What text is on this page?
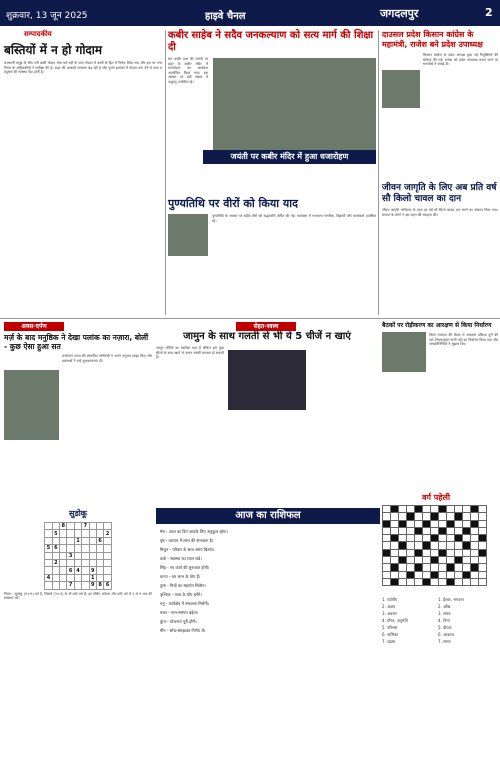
शुक्रवार, 13 जून 2025	हाइवे चैनल	जगदलपुर	2
सम्पादकीय
बस्तियों में न हो गोदाम
राजधानी समुद्र के बीच भरी बस्ती गोदाम ऐसा करें नहीं के पास गोदाम में बस्ती के हित में निर्णय लिया गया और इस पर नगर निगम के अधिकारियों ने समीक्षा की है। शहर की आबादी लगातार बढ़ रही है और पुराने इलाकों में गोदाम बना देने से जाम व प्रदूषण की समस्या पैदा होती है।
कबीर साहेब ने सदैव जनकल्याण को सत्य मार्ग की शिक्षा दी
संत कबीर दास की जयंती पर शहर के कबीर मंदिर में धजारोहण का कार्यक्रम आयोजित किया गया। इस अवसर पर बड़ी संख्या में श्रद्धालु उपस्थित रहे।
जयंती पर कबीर मंदिर में हुआ धजारोहण
पुण्यतिथि पर वीरों को किया याद
पुण्यतिथि के अवसर पर शहीद वीरों को श्रद्धांजलि अर्पित की गई। कार्यक्रम में गणमान्य नागरिक, विद्यार्थी और कार्यकर्ता उपस्थित रहे।
दाउसल प्रदेश किसान कांग्रेस के महामंत्री, राजेश बने प्रदेश उपाध्यक्ष
किसान कांग्रेस के प्रदेश अध्यक्ष द्वारा नई नियुक्तियों की घोषणा की गई। राजेश को प्रदेश उपाध्यक्ष बनाए जाने पर समर्थकों ने बधाई दी।
जीवन जागृति के लिए अब प्रति वर्ष सौ किलो चावल का दान
जीवन जागृति अभियान के तहत हर वर्ष सौ किलो चावल दान करने का संकल्प लिया गया। समाज के लोगों ने इस पहल की सराहना की।
बैठकों पर रोड़ीकरण का आरक्षण से किया निर्धारण
जिला पंचायत की बैठक में आरक्षण प्रक्रिया पूरी की गई। नियमानुसार सभी पदों का निर्धारण किया गया और जनप्रतिनिधियों ने सुझाव दिए।
अवस-दर्पण
मर्ज़ के बाद मनुष्ठिक ने देखा पलांक का नज़ारा, बोलीं - कुछ ऐसा हुआ सत
मनोरंजन जगत की लोकप्रिय अभिनेत्री ने अपने अनुभव साझा किए और प्रशंसकों ने उन्हें शुभकामनाएं दीं।
सेहत-स्वस्थ
जामुन के साथ गलती से भी ये 5 चीजें न खाएं
जामुन गर्मियों का स्वादिष्ट फल है लेकिन इसे कुछ चीजों के साथ खाने से पाचन संबंधी समस्या हो सकती है।
वर्ग पहेली

सुडोकू
		8			7			
	5							2
				1			6	
5	6							
			3					
	2							
			6	4		9		
4						1		
			7			9	8	6
नियम : सुडोकू (9×9) वर्ग है, जिसमें (3×3) के नौ छोटे वर्ग हैं। हर पंक्ति, कॉलम और छोटे वर्ग में 1 से 9 तक की संख्याएं भरें।
आज का राशिफल
मेष - आज का दिन आपके लिए अनुकूल रहेगा।
वृष - व्यापार में लाभ की संभावना है।
मिथुन - परिवार के साथ समय बिताएं।
कर्क - स्वास्थ्य का ध्यान रखें।
सिंह - नए कार्य की शुरुआत होगी।
कन्या - धन लाभ के योग हैं।
तुला - मित्रों का सहयोग मिलेगा।
वृश्चिक - यात्रा के योग बनेंगे।
धनु - कार्यक्षेत्र में सफलता मिलेगी।
मकर - मान-सम्मान बढ़ेगा।
कुंभ - योजनाएं पूरी होंगी।
मीन - सोच-समझकर निर्णय लें।
1. पर्वतीय
2. अक्षय
3. अवसर
4. गौरव, अनुमति
5. परिश्रम
6. नासिका
7. चंद्रमा
1. ईश्वर, भगवान
2. आँख
3. सफर
4. नित्य
5. दीपक
6. आकाश
7. सागर
